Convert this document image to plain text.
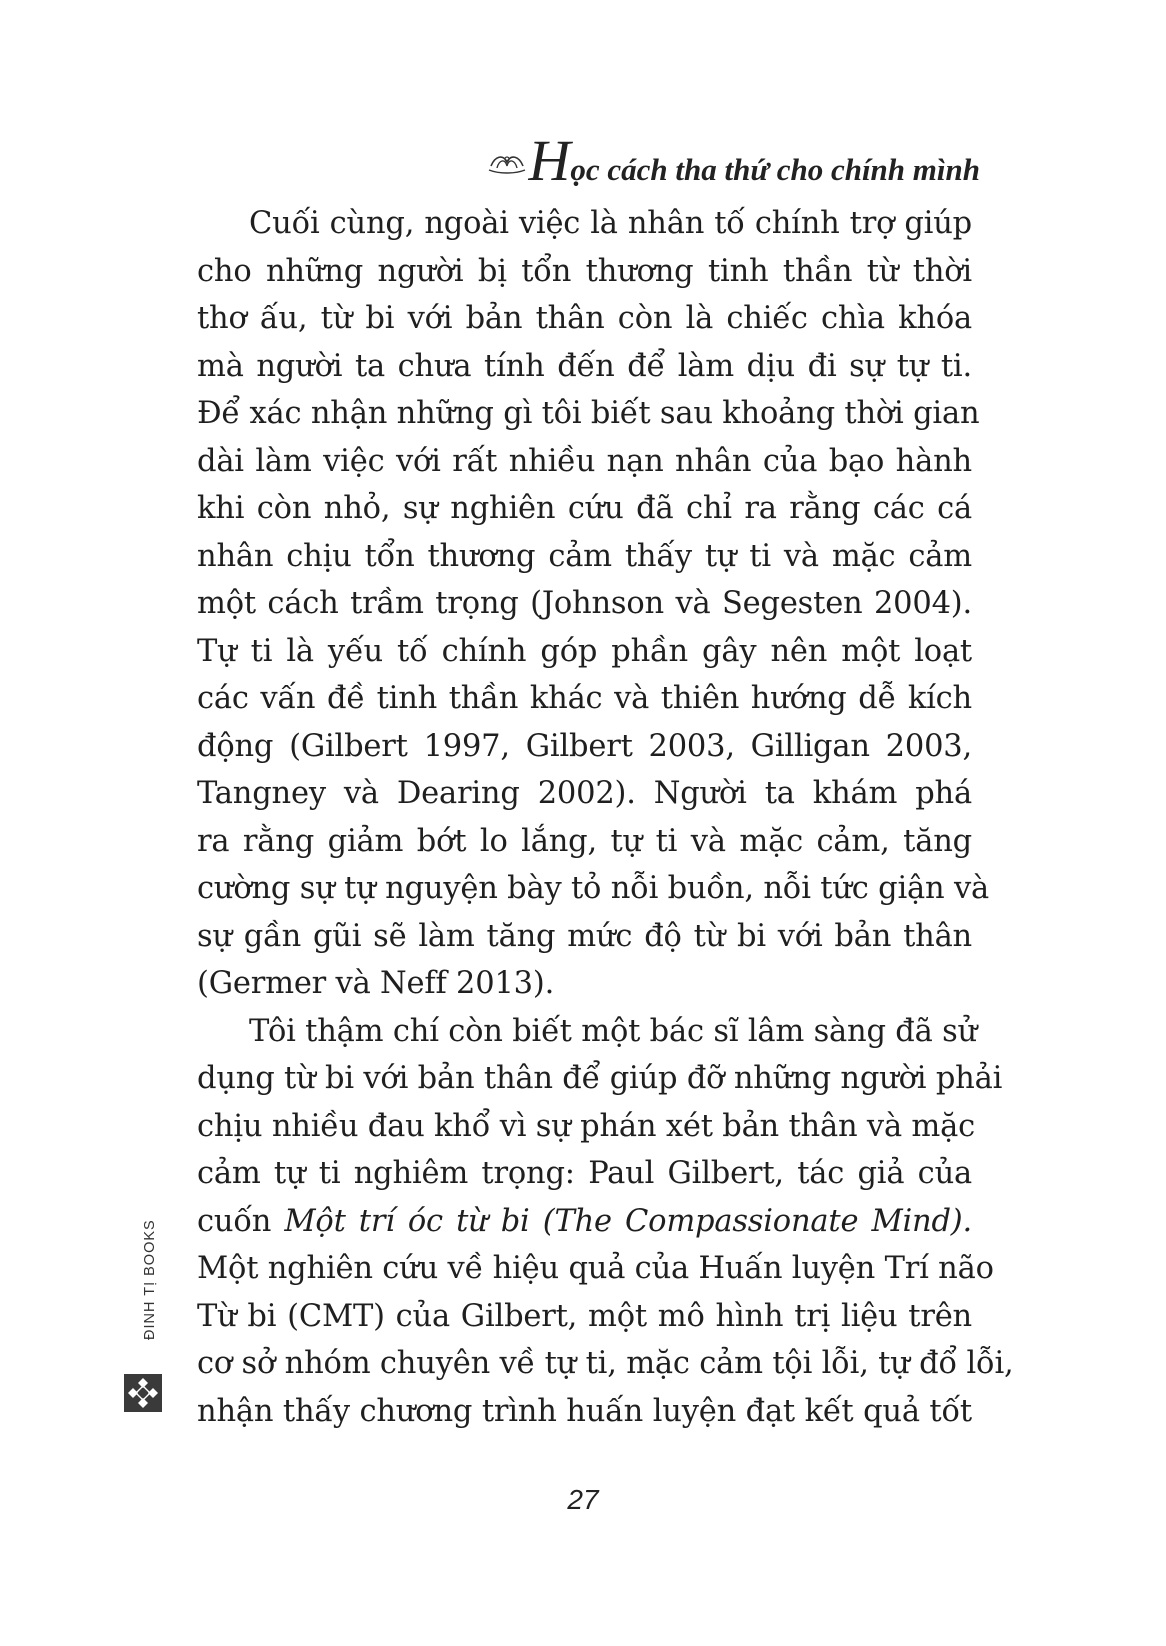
H ọc cách tha thứ cho chính mình
Cuối cùng, ngoài việc là nhân tố chính trợ giúp
cho những người bị tổn thương tinh thần từ thời
thơ ấu, từ bi với bản thân còn là chiếc chìa khóa
mà người ta chưa tính đến để làm dịu đi sự tự ti.
Để xác nhận những gì tôi biết sau khoảng thời gian
dài làm việc với rất nhiều nạn nhân của bạo hành
khi còn nhỏ, sự nghiên cứu đã chỉ ra rằng các cá
nhân chịu tổn thương cảm thấy tự ti và mặc cảm
một cách trầm trọng (Johnson và Segesten 2004).
Tự ti là yếu tố chính góp phần gây nên một loạt
các vấn đề tinh thần khác và thiên hướng dễ kích
động (Gilbert 1997, Gilbert 2003, Gilligan 2003,
Tangney và Dearing 2002). Người ta khám phá
ra rằng giảm bớt lo lắng, tự ti và mặc cảm, tăng
cường sự tự nguyện bày tỏ nỗi buồn, nỗi tức giận và
sự gần gũi sẽ làm tăng mức độ từ bi với bản thân
(Germer và Neff 2013).
Tôi thậm chí còn biết một bác sĩ lâm sàng đã sử
dụng từ bi với bản thân để giúp đỡ những người phải
chịu nhiều đau khổ vì sự phán xét bản thân và mặc
cảm tự ti nghiêm trọng: Paul Gilbert, tác giả của
cuốn Một trí óc từ bi (The Compassionate Mind).
Một nghiên cứu về hiệu quả của Huấn luyện Trí não
Từ bi (CMT) của Gilbert, một mô hình trị liệu trên
cơ sở nhóm chuyên về tự ti, mặc cảm tội lỗi, tự đổ lỗi,
nhận thấy chương trình huấn luyện đạt kết quả tốt
ĐINH TỊ BOOKS
27
